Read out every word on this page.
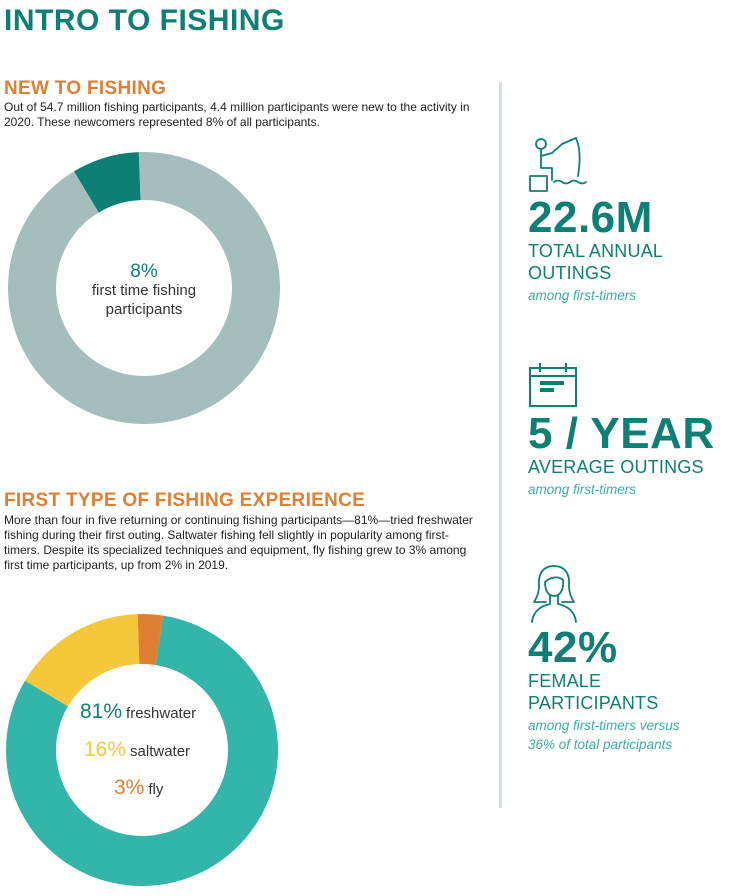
INTRO TO FISHING
NEW TO FISHING

Out of 54.7 million fishing participants, 4.4 million participants were new to the activity in 2020. These newcomers represented 8% of all participants.

8%
first time fishing participants
FIRST TYPE OF FISHING EXPERIENCE

More than four in five returning or continuing fishing participants—81%—tried freshwater fishing during their first outing. Saltwater fishing fell slightly in popularity among first-timers. Despite its specialized techniques and equipment, fly fishing grew to 3% among first time participants, up from 2% in 2019.

81% freshwater
16% saltwater
3% fly
22.6M
TOTAL ANNUAL
OUTINGS
among first-timers
5 / YEAR
AVERAGE OUTINGS
among first-timers
42%
FEMALE
PARTICIPANTS
among first-timers versus
36% of total participants
